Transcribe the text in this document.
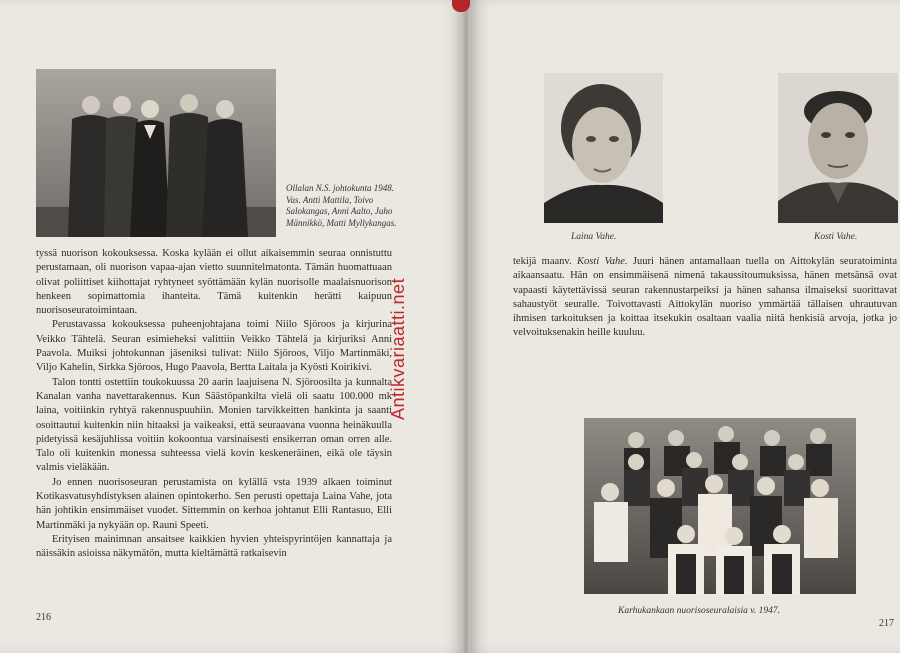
Ollalan N.S. johtokunta 1948. Vas. Antti Mattila, Toivo Salokangas, Anni Aalto, Juho Männikkö, Matti Myllykangas.

tyssä nuorison kokouksessa. Koska kylään ei ollut aikaisemmin seuraa onnistuttu perustamaan, oli nuorison vapaa-ajan vietto suunnitelmatonta. Tämän huomattuaan olivat poliittiset kiihottajat ryhtyneet syöttämään kylän nuorisolle maalaisnuorison henkeen sopimattomia ihanteita. Tämä kuitenkin herätti kaipuun nuorisoseuratoimintaan.

Perustavassa kokouksessa puheenjohtajana toimi Niilo Sjöroos ja kirjurina Veikko Tähtelä. Seuran esimieheksi valittiin Veikko Tähtelä ja kirjuriksi Anni Paavola. Muiksi johtokunnan jäseniksi tulivat: Niilo Sjöroos, Viljo Martinmäki, Viljo Kahelin, Sirkka Sjöroos, Hugo Paavola, Bertta Laitala ja Kyösti Koirikivi.

Talon tontti ostettiin toukokuussa 20 aarin laajuisena N. Sjöroosilta ja kunnalta Kanalan vanha navettarakennus. Kun Säästöpankilta vielä oli saatu 100.000 mk laina, voitiinkin ryhtyä rakennuspuuhiin. Monien tarvikkeitten hankinta ja saanti osoittautui kuitenkin niin hitaaksi ja vaikeaksi, että seuraavana vuonna heinäkuulla pidetyissä kesäjuhlissa voitiin kokoontua varsinaisesti ensikerran oman orren alle. Talo oli kuitenkin monessa suhteessa vielä kovin keskeneräinen, eikä ole täysin valmis vieläkään.

Jo ennen nuorisoseuran perustamista on kylällä vsta 1939 alkaen toiminut Kotikasvatusyhdistyksen alainen opintokerho. Sen perusti opettaja Laina Vahe, jota hän johtikin ensimmäiset vuodet. Sittemmin on kerhoa johtanut Elli Rantasuo, Elli Martinmäki ja nykyään op. Rauni Speeti.

Erityisen mainimnan ansaitsee kaikkien hyvien yhteispyrintöjen kannattaja ja näissäkin asioissa näkymätön, mutta kieltämättä ratkaisevin

216
Antikvariaatti.net
Laina Vahe.	Kosti Vahe.

tekijä maanv. Kosti Vahe. Juuri hänen antamallaan tuella on Aittokylän seuratoiminta aikaansaatu. Hän on ensimmäisenä nimenä takaussitoumuksissa, hänen metsänsä ovat vapaasti käytettävissä seuran rakennustarpeiksi ja hänen sahansa ilmaiseksi suorittavat sahaustyöt seuralle. Toivottavasti Aittokylän nuoriso ymmärtää tällaisen uhrautuvan ihmisen tarkoituksen ja koittaa itsekukin osaltaan vaalia niitä henkisiä arvoja, jotka jo velvoituksenakin heille kuuluu.

Karhukankaan nuorisoseuralaisia v. 1947.
217
